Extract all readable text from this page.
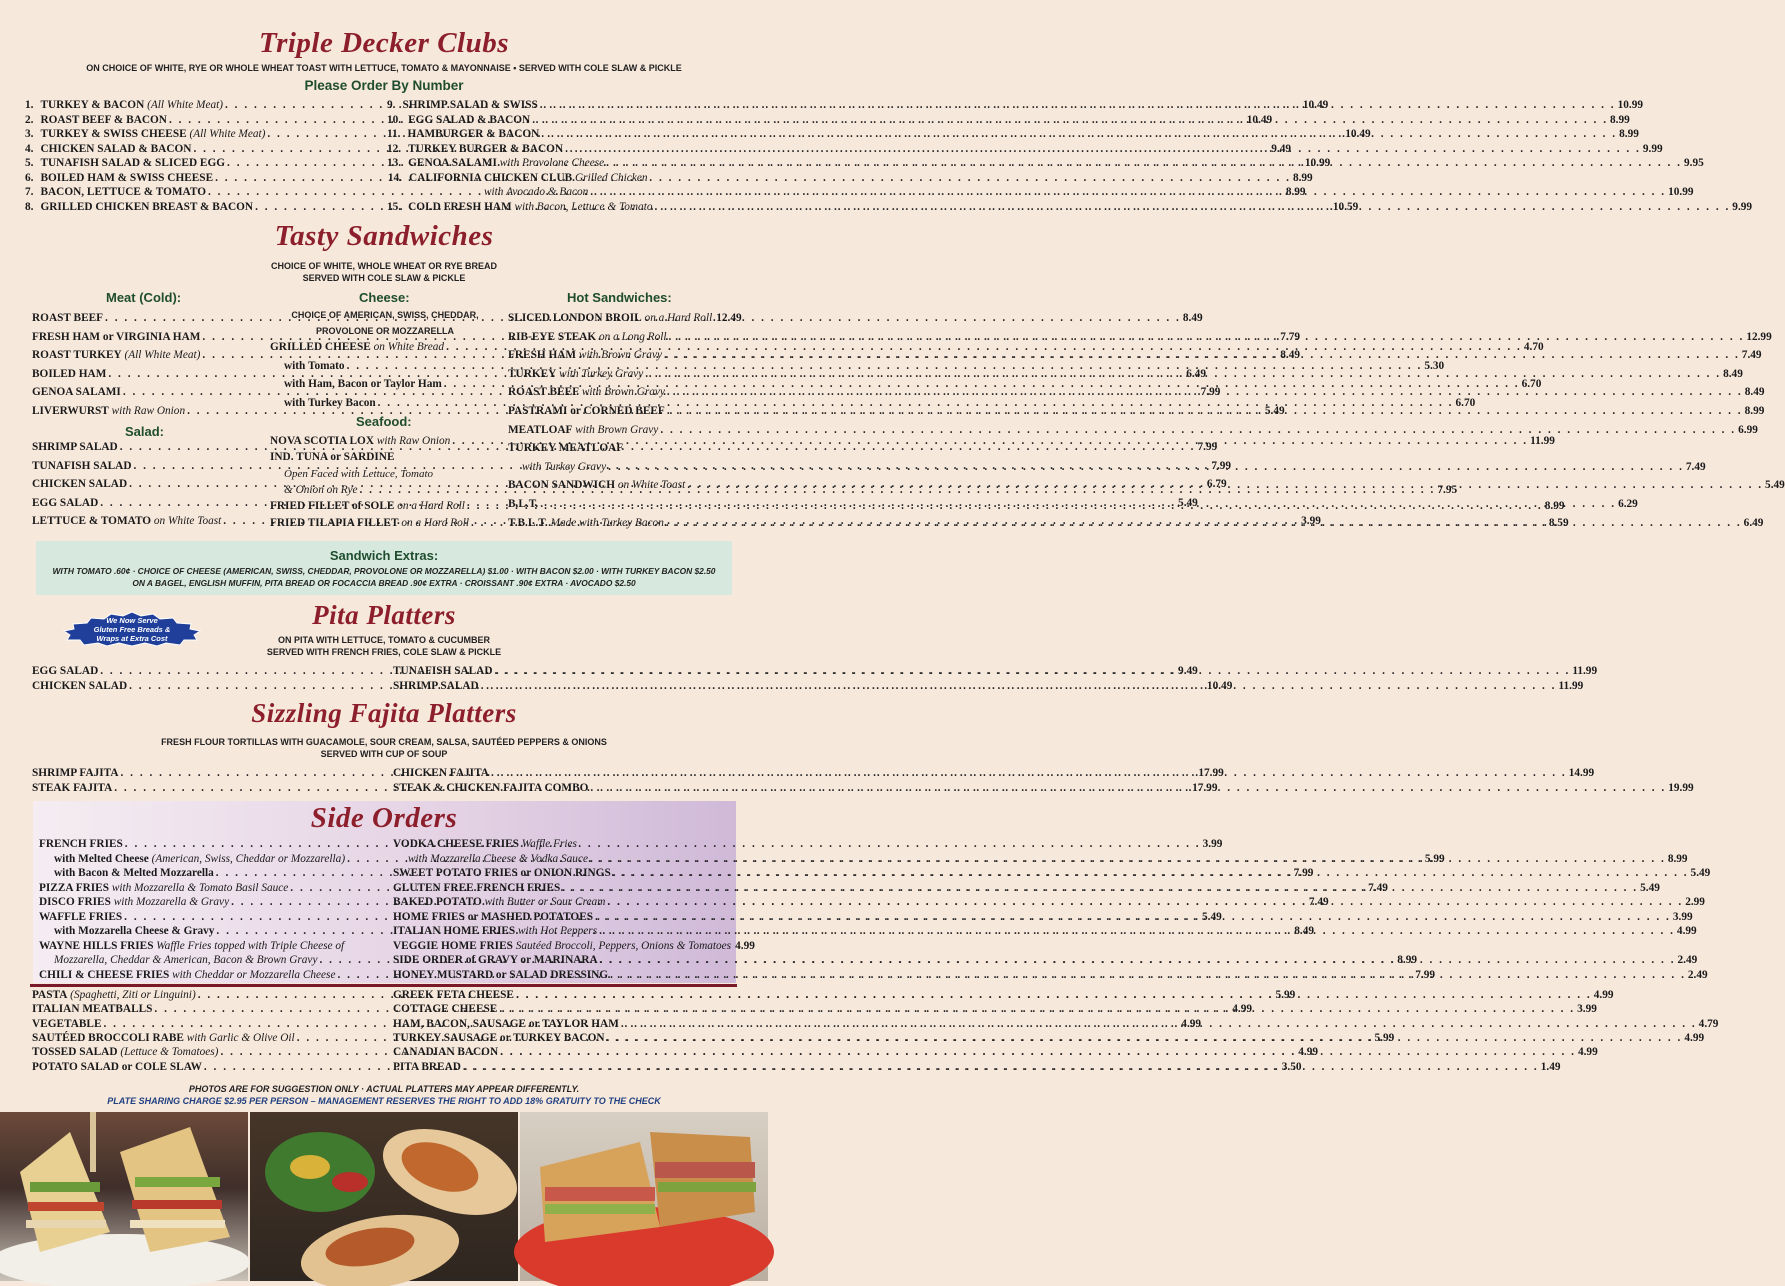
Triple Decker Clubs
ON CHOICE OF WHITE, RYE OR WHOLE WHEAT TOAST WITH LETTUCE, TOMATO & MAYONNAISE • SERVED WITH COLE SLAW & PICKLE
Please Order By Number
1. TURKEY & BACON (All White Meat) . . .	10.49
2. ROAST BEEF & BACON . . .	10.49
3. TURKEY & SWISS CHEESE (All White Meat) . . .	10.49
4. CHICKEN SALAD & BACON . . .	9.49
5. TUNAFISH SALAD & SLICED EGG . . .	10.99
6. BOILED HAM & SWISS CHEESE . . .	8.99
7. BACON, LETTUCE & TOMATO . . .	8.99
8. GRILLED CHICKEN BREAST & BACON . . .	10.59
9. SHRIMP SALAD & SWISS . . .	10.99
10. EGG SALAD & BACON . . .	8.99
11. HAMBURGER & BACON . . .	8.99
12. TURKEY BURGER & BACON . . .	9.99
13. GENOA SALAMI with Provolone Cheese . . .	9.95
14. CALIFORNIA CHICKEN CLUB Grilled Chicken
with Avocado & Bacon . . .	10.99
15. COLD FRESH HAM with Bacon, Lettuce & Tomato . . .	9.99
Tasty Sandwiches
CHOICE OF WHITE, WHOLE WHEAT OR RYE BREAD
SERVED WITH COLE SLAW & PICKLE
Meat (Cold):	Cheese:
CHOICE OF AMERICAN, SWISS, CHEDDAR,
PROVOLONE OR MOZZARELLA
Hot Sandwiches:
Salad:
Seafood:
ROAST BEEF . . .	8.49
FRESH HAM or VIRGINIA HAM . . .	7.79
ROAST TURKEY (All White Meat) . . .	8.49
BOILED HAM . . .	6.49
GENOA SALAMI . . .	7.99
LIVERWURST with Raw Onion . . .	5.49
SHRIMP SALAD . . .	7.99
TUNAFISH SALAD . . .	7.99
CHICKEN SALAD . . .	6.79
EGG SALAD . . .	5.49
LETTUCE & TOMATO on White Toast . . .	3.99
GRILLED CHEESE on White Bread . . .	4.70
with Tomato . . .	5.30
with Ham, Bacon or Taylor Ham . . .	6.70
with Turkey Bacon . . .	6.70
NOVA SCOTIA LOX with Raw Onion . . .	11.99
IND. TUNA or SARDINE
Open Faced with Lettuce, Tomato
& Onion on Rye . . .	7.95
FRIED FILLET of SOLE on a Hard Roll . . .	8.99
FRIED TILAPIA FILLET on a Hard Roll . . .	8.59
SLICED LONDON BROIL on a Hard Roll 12.49
RIB-EYE STEAK on a Long Roll . . .	12.99
FRESH HAM with Brown Gravy . . .	7.49
TURKEY with Turkey Gravy . . .	8.49
ROAST BEEF with Brown Gravy . . .	8.49
PASTRAMI or CORNED BEEF . . .	8.99
MEATLOAF with Brown Gravy . . .	6.99
TURKEY MEATLOAF
with Turkey Gravy . . .	7.49
BACON SANDWICH on White Toast . . .	5.49
B.L.T. . . .	6.29
T.B.L.T. Made with Turkey Bacon . . .	6.49
Sandwich Extras:
WITH TOMATO .60¢ · CHOICE OF CHEESE (AMERICAN, SWISS, CHEDDAR, PROVOLONE OR MOZZARELLA) $1.00 · WITH BACON $2.00 · WITH TURKEY BACON $2.50
ON A BAGEL, ENGLISH MUFFIN, PITA BREAD OR FOCACCIA BREAD .90¢ EXTRA · CROISSANT .90¢ EXTRA · AVOCADO $2.50
We Now Serve
Gluten Free Breads &
Wraps at Extra Cost
Pita Platters
ON PITA WITH LETTUCE, TOMATO & CUCUMBER
SERVED WITH FRENCH FRIES, COLE SLAW & PICKLE
EGG SALAD . . .	9.49
CHICKEN SALAD . . .	10.49
TUNAFISH SALAD . . .	11.99
SHRIMP SALAD . . .	11.99
Sizzling Fajita Platters
FRESH FLOUR TORTILLAS WITH GUACAMOLE, SOUR CREAM, SALSA, SAUTÉED PEPPERS & ONIONS
SERVED WITH CUP OF SOUP
SHRIMP FAJITA . . .	17.99
STEAK FAJITA . . .	17.99
CHICKEN FAJITA . . .	14.99
STEAK & CHICKEN FAJITA COMBO . . .	19.99
Side Orders
FRENCH FRIES . . .	3.99
with Melted Cheese (American, Swiss, Cheddar or Mozzarella) . . .	5.99
with Bacon & Melted Mozzarella . . .	7.99
PIZZA FRIES with Mozzarella & Tomato Basil Sauce . . .	7.49
DISCO FRIES with Mozzarella & Gravy . . .	7.49
WAFFLE FRIES . . .	5.49
with Mozzarella Cheese & Gravy . . .	8.49
WAYNE HILLS FRIES Waffle Fries topped with Triple Cheese of
Mozzarella, Cheddar & American, Bacon & Brown Gravy . . .	8.99
CHILI & CHEESE FRIES with Cheddar or Mozzarella Cheese . . .	7.99
VODKA CHEESE FRIES Waffle Fries
with Mozzarella Cheese & Vodka Sauce . . .	8.99
SWEET POTATO FRIES or ONION RINGS . . .	5.49
GLUTEN FREE FRENCH FRIES . . .	5.49
BAKED POTATO with Butter or Sour Cream . . .	2.99
HOME FRIES or MASHED POTATOES . . .	3.99
ITALIAN HOME FRIES with Hot Peppers . . .	4.99
VEGGIE HOME FRIES Sautéed Broccoli, Peppers, Onions & Tomatoes 4.99
SIDE ORDER of GRAVY or MARINARA . . .	2.49
HONEY MUSTARD or SALAD DRESSING . . .	2.49
PASTA (Spaghetti, Ziti or Linguini) . . .	5.99
ITALIAN MEATBALLS . . .	4.99
VEGETABLE . . .	4.99
SAUTÉED BROCCOLI RABE with Garlic & Olive Oil . . .	5.99
TOSSED SALAD (Lettuce & Tomatoes) . . .	4.99
POTATO SALAD or COLE SLAW . . .	3.50
GREEK FETA CHEESE . . .	4.99
COTTAGE CHEESE . . .	3.99
HAM, BACON, SAUSAGE or TAYLOR HAM . . .	4.79
TURKEY SAUSAGE or TURKEY BACON . . .	4.99
CANADIAN BACON . . .	4.99
PITA BREAD . . .	1.49
PHOTOS ARE FOR SUGGESTION ONLY · ACTUAL PLATTERS MAY APPEAR DIFFERENTLY.
PLATE SHARING CHARGE $2.95 PER PERSON – MANAGEMENT RESERVES THE RIGHT TO ADD 18% GRATUITY TO THE CHECK
